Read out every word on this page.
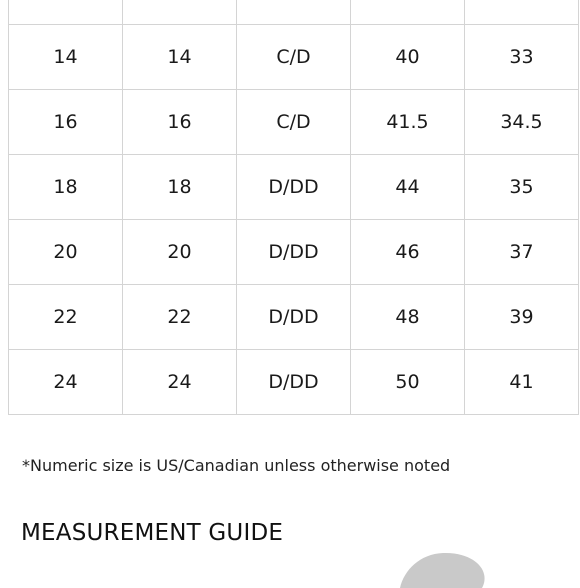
14	14	C/D	40	33
16	16	C/D	41.5	34.5
18	18	D/DD	44	35
20	20	D/DD	46	37
22	22	D/DD	48	39
24	24	D/DD	50	41
*Numeric size is US/Canadian unless otherwise noted
MEASUREMENT GUIDE
